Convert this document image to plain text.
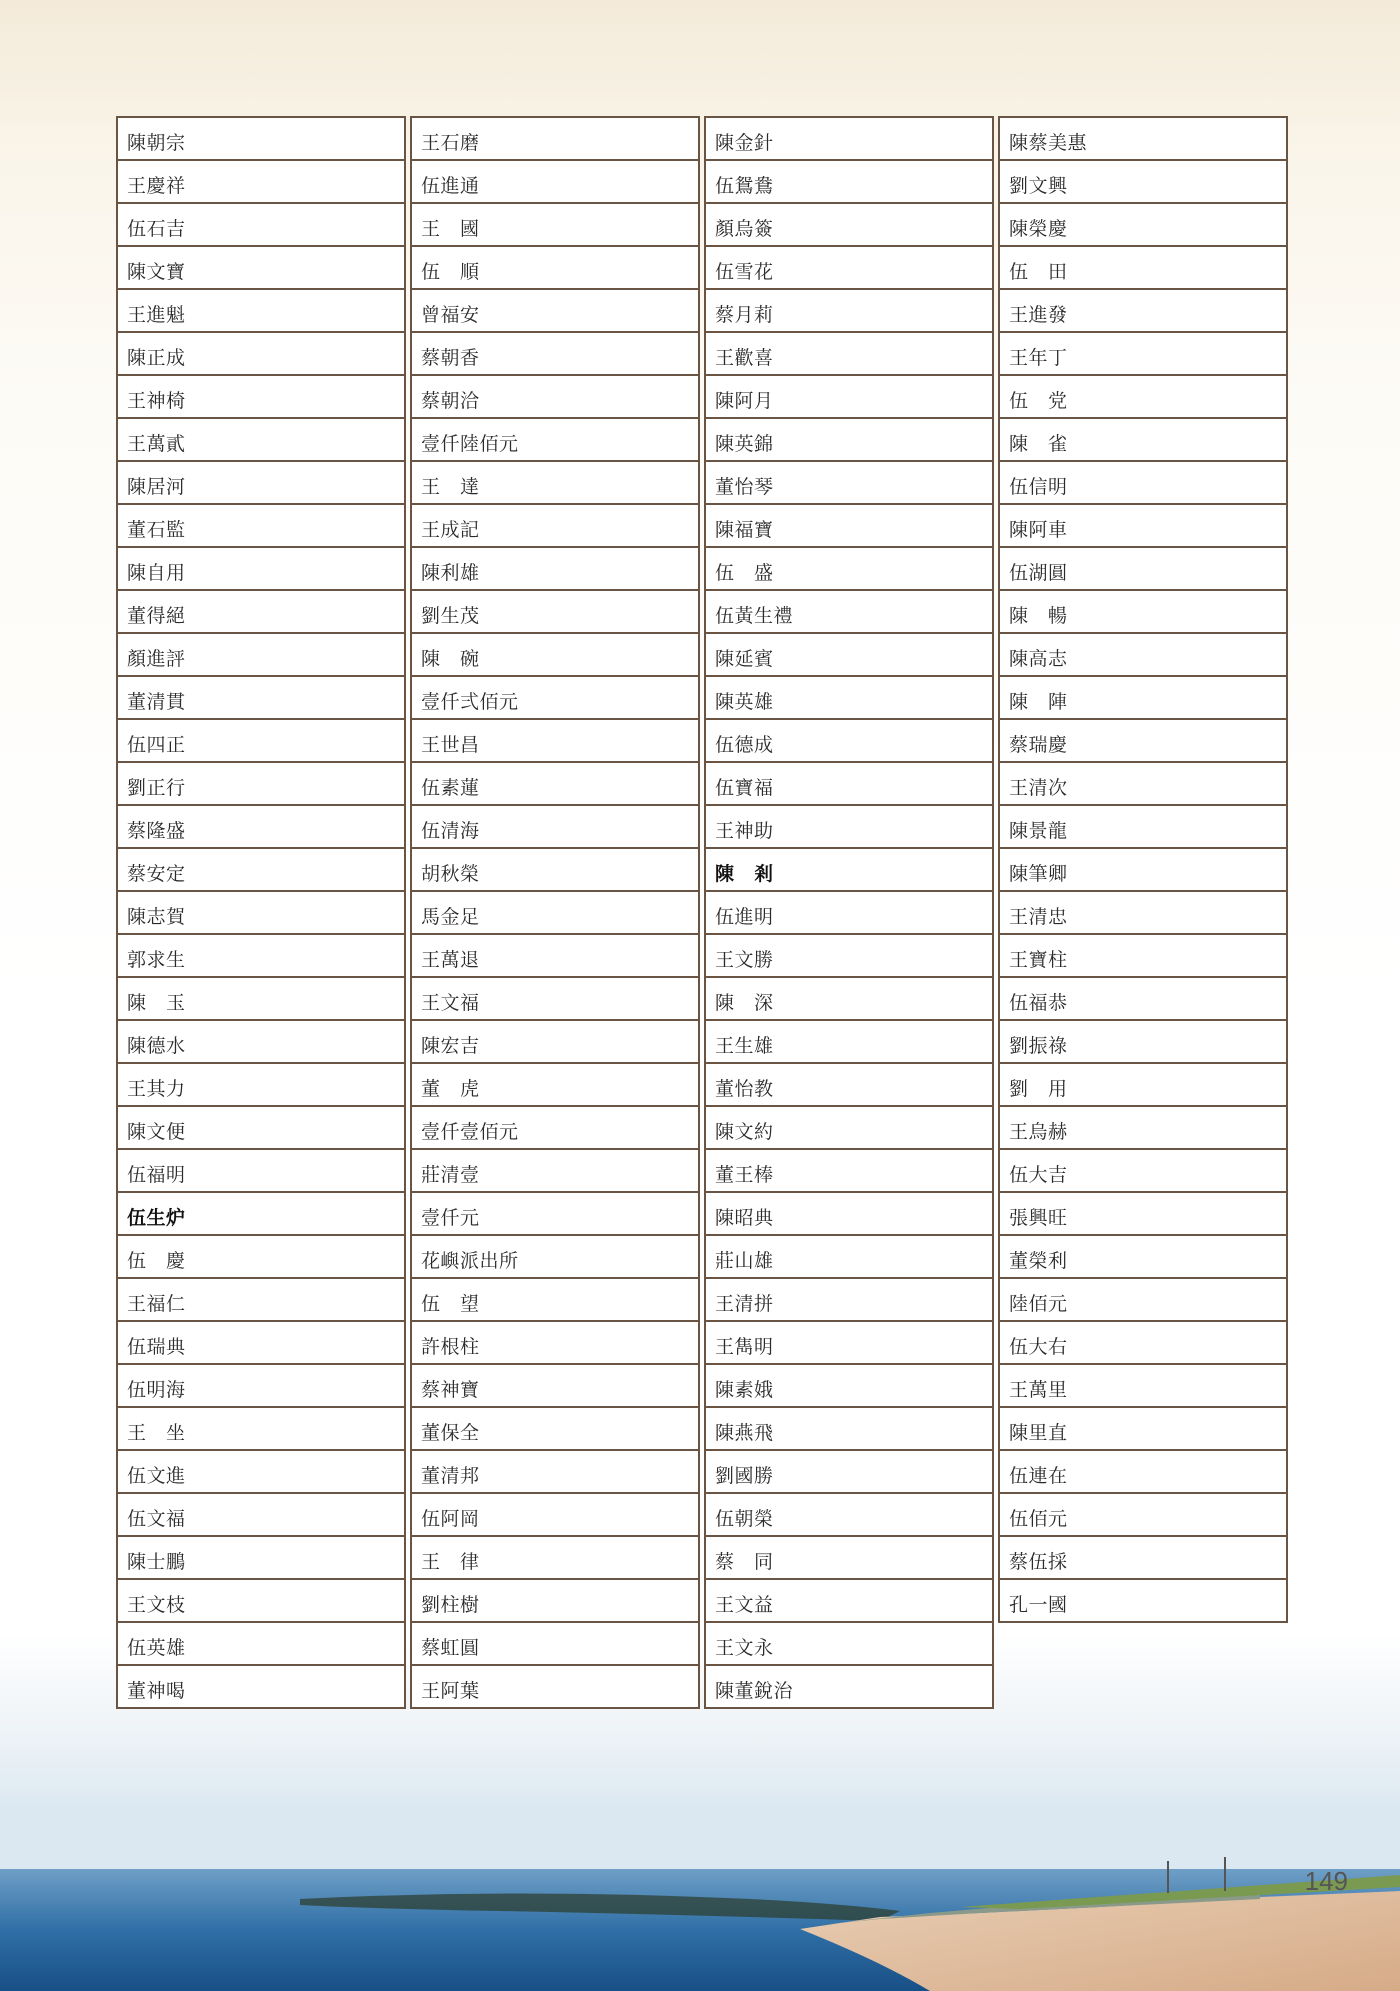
陳朝宗
王慶祥
伍石吉
陳文寶
王進魁
陳正成
王神椅
王萬貳
陳居河
董石監
陳自用
董得絕
顏進評
董清貫
伍四正
劉正行
蔡隆盛
蔡安定
陳志賀
郭求生
陳　玉
陳德水
王其力
陳文便
伍福明
伍生炉
伍　慶
王福仁
伍瑞典
伍明海
王　坐
伍文進
伍文福
陳士鵬
王文枝
伍英雄
董神喝
王石磨
伍進通
王　國
伍　順
曾福安
蔡朝香
蔡朝洽
壹仟陸佰元
王　達
王成記
陳利雄
劉生茂
陳　碗
壹仟弍佰元
王世昌
伍素蓮
伍清海
胡秋榮
馬金足
王萬退
王文福
陳宏吉
董　虎
壹仟壹佰元
莊清壹
壹仟元
花嶼派出所
伍　望
許根柱
蔡神寶
董保全
董清邦
伍阿岡
王　律
劉柱樹
蔡虹圓
王阿葉
陳金針
伍鴛鴦
顏烏簽
伍雪花
蔡月莉
王歡喜
陳阿月
陳英錦
董怡琴
陳福寶
伍　盛
伍黃生禮
陳延賓
陳英雄
伍德成
伍寶福
王神助
陳　剎
伍進明
王文勝
陳　深
王生雄
董怡教
陳文約
董王棒
陳昭典
莊山雄
王清拼
王雋明
陳素娥
陳燕飛
劉國勝
伍朝榮
蔡　同
王文益
王文永
陳董銳治
陳蔡美惠
劉文興
陳榮慶
伍　田
王進發
王年丁
伍　党
陳　雀
伍信明
陳阿車
伍湖圓
陳　暢
陳高志
陳　陣
蔡瑞慶
王清次
陳景龍
陳筆卿
王清忠
王寶柱
伍福恭
劉振祿
劉　用
王烏赫
伍大吉
張興旺
董榮利
陸佰元
伍大右
王萬里
陳里直
伍連在
伍佰元
蔡伍採
孔一國
149
